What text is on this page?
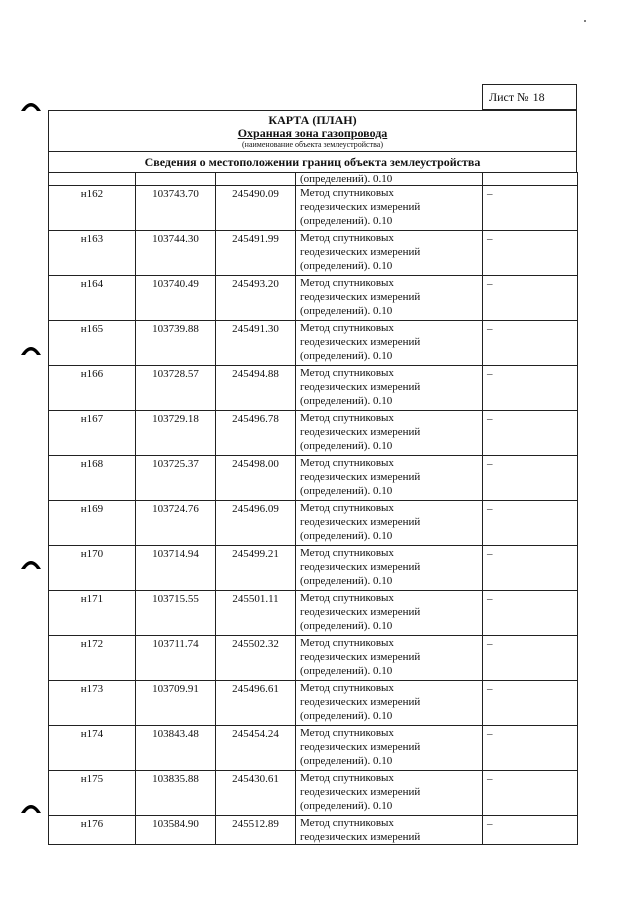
Лист № 18
КАРТА (ПЛАН)
Охранная зона газопровода
(наименование объекта землеустройства)
Сведения о местоположении границ объекта землеустройства
			(определений). 0.10	
н162	103743.70	245490.09	Метод спутниковых
геодезических измерений
(определений). 0.10	–
н163	103744.30	245491.99	Метод спутниковых
геодезических измерений
(определений). 0.10	–
н164	103740.49	245493.20	Метод спутниковых
геодезических измерений
(определений). 0.10	–
н165	103739.88	245491.30	Метод спутниковых
геодезических измерений
(определений). 0.10	–
н166	103728.57	245494.88	Метод спутниковых
геодезических измерений
(определений). 0.10	–
н167	103729.18	245496.78	Метод спутниковых
геодезических измерений
(определений). 0.10	–
н168	103725.37	245498.00	Метод спутниковых
геодезических измерений
(определений). 0.10	–
н169	103724.76	245496.09	Метод спутниковых
геодезических измерений
(определений). 0.10	–
н170	103714.94	245499.21	Метод спутниковых
геодезических измерений
(определений). 0.10	–
н171	103715.55	245501.11	Метод спутниковых
геодезических измерений
(определений). 0.10	–
н172	103711.74	245502.32	Метод спутниковых
геодезических измерений
(определений). 0.10	–
н173	103709.91	245496.61	Метод спутниковых
геодезических измерений
(определений). 0.10	–
н174	103843.48	245454.24	Метод спутниковых
геодезических измерений
(определений). 0.10	–
н175	103835.88	245430.61	Метод спутниковых
геодезических измерений
(определений). 0.10	–
н176	103584.90	245512.89	Метод спутниковых
геодезических измерений	–
